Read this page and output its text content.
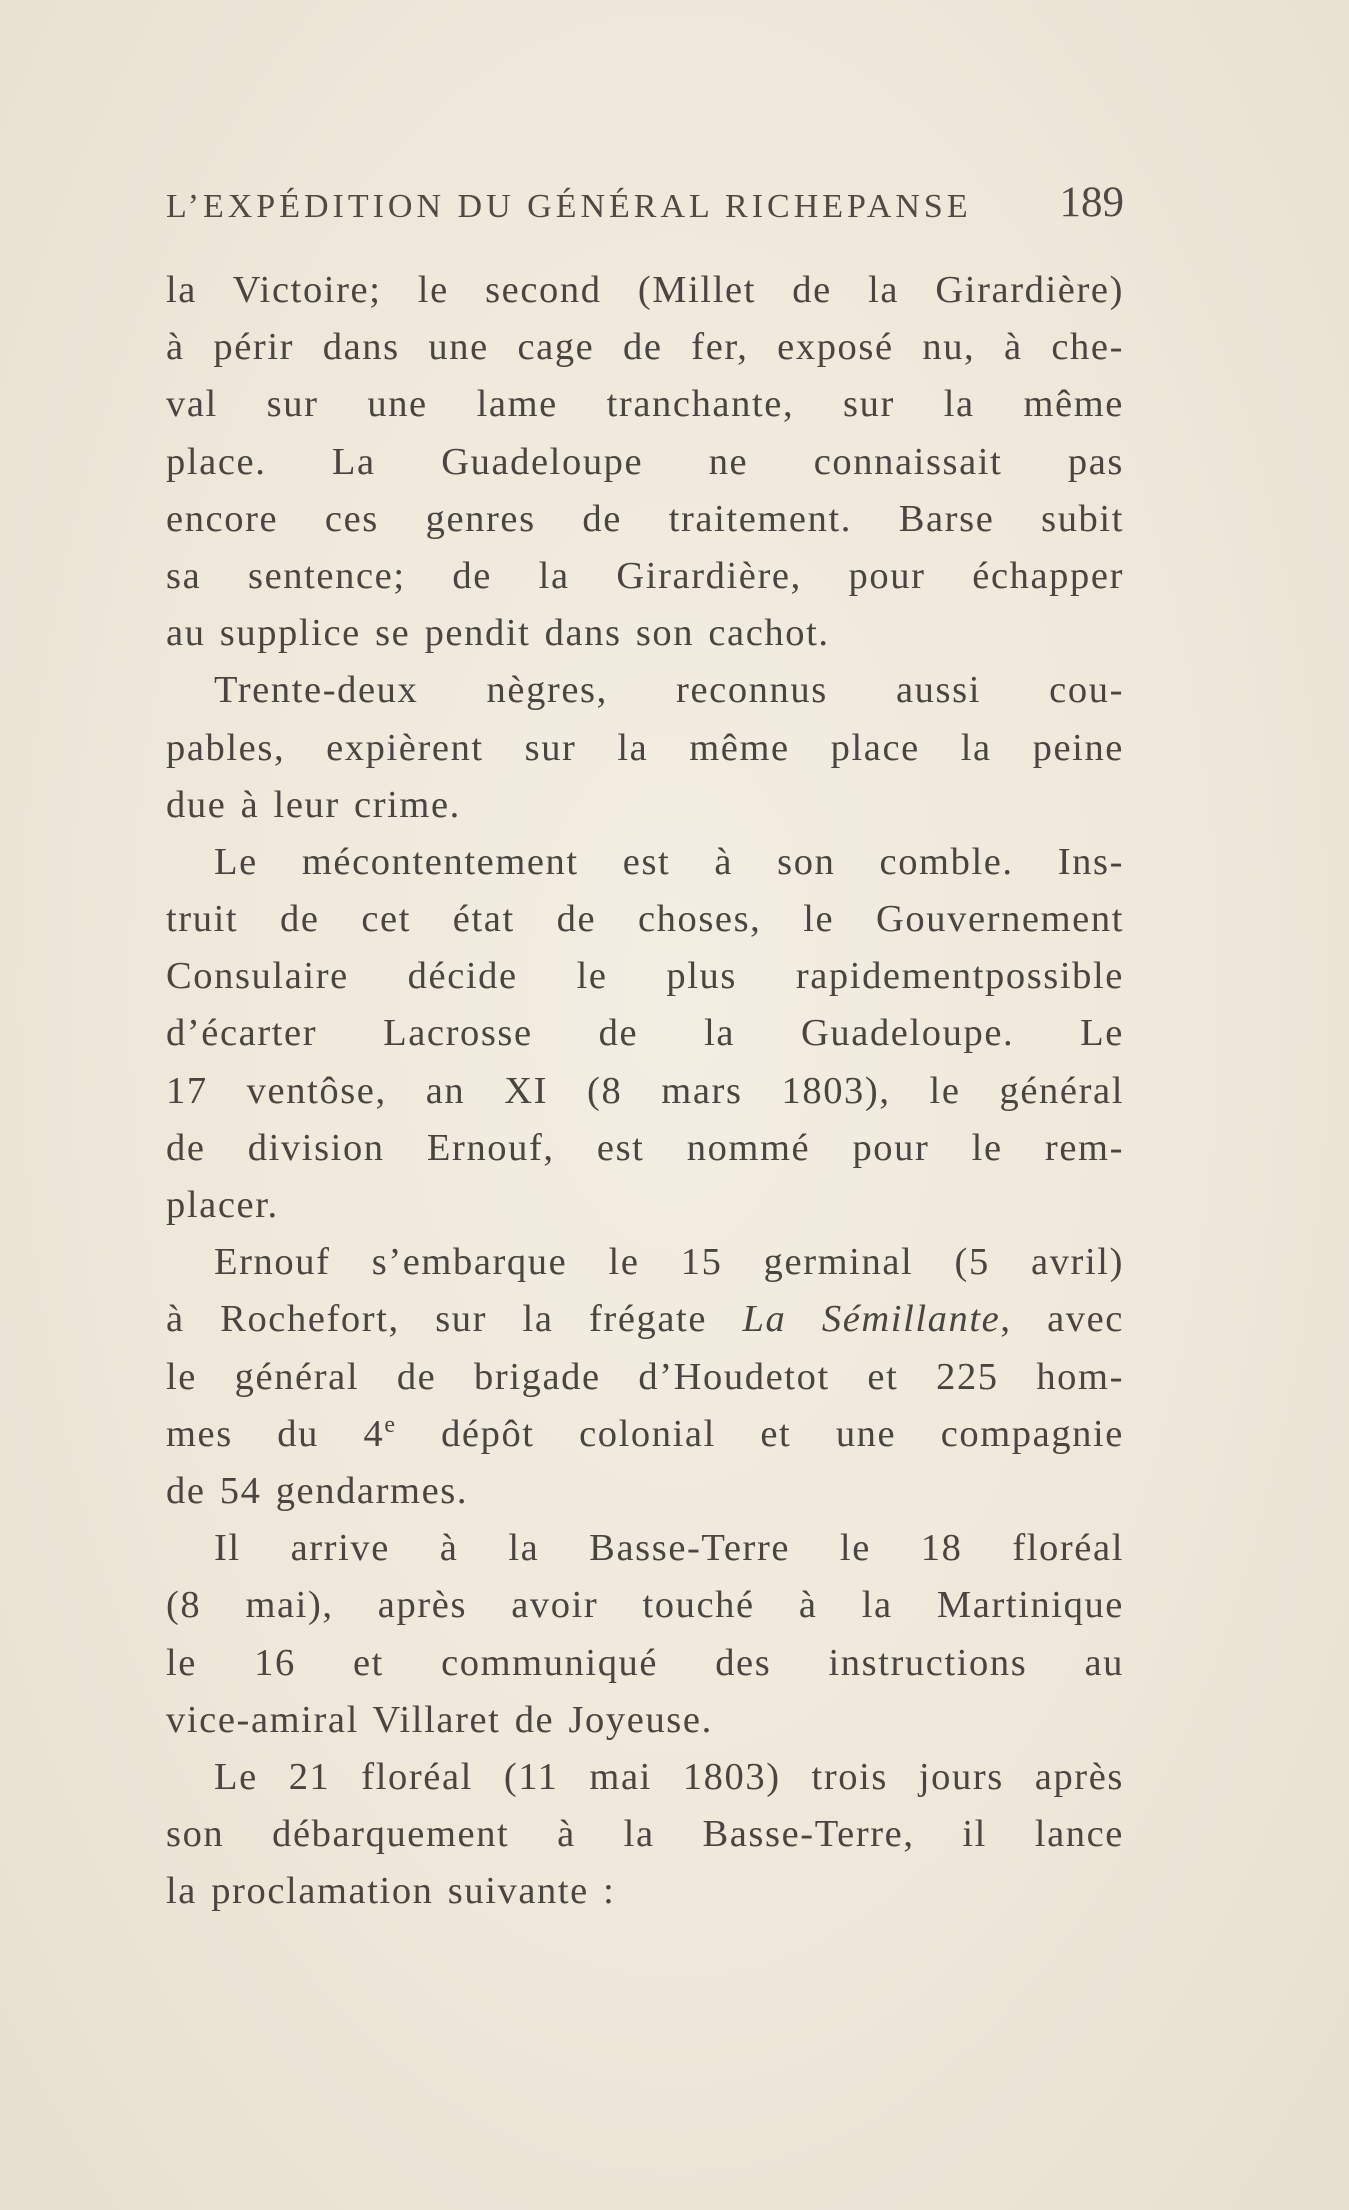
L’EXPÉDITION DU GÉNÉRAL RICHEPANSE 189
la Victoire; le second (Millet de la Girardière)
à périr dans une cage de fer, exposé nu, à che-
val sur une lame tranchante, sur la même
place. La Guadeloupe ne connaissait pas
encore ces genres de traitement. Barse subit
sa sentence; de la Girardière, pour échapper
au supplice se pendit dans son cachot.
Trente-deux nègres, reconnus aussi cou-
pables, expièrent sur la même place la peine
due à leur crime.
Le mécontentement est à son comble. Ins-
truit de cet état de choses, le Gouvernement
Consulaire décide le plus rapidementpossible
d’écarter Lacrosse de la Guadeloupe. Le
17 ventôse, an XI (8 mars 1803), le général
de division Ernouf, est nommé pour le rem-
placer.
Ernouf s’embarque le 15 germinal (5 avril)
à Rochefort, sur la frégate La Sémillante, avec
le général de brigade d’Houdetot et 225 hom-
mes du 4e dépôt colonial et une compagnie
de 54 gendarmes.
Il arrive à la Basse-Terre le 18 floréal
(8 mai), après avoir touché à la Martinique
le 16 et communiqué des instructions au
vice-amiral Villaret de Joyeuse.
Le 21 floréal (11 mai 1803) trois jours après
son débarquement à la Basse-Terre, il lance
la proclamation suivante :
